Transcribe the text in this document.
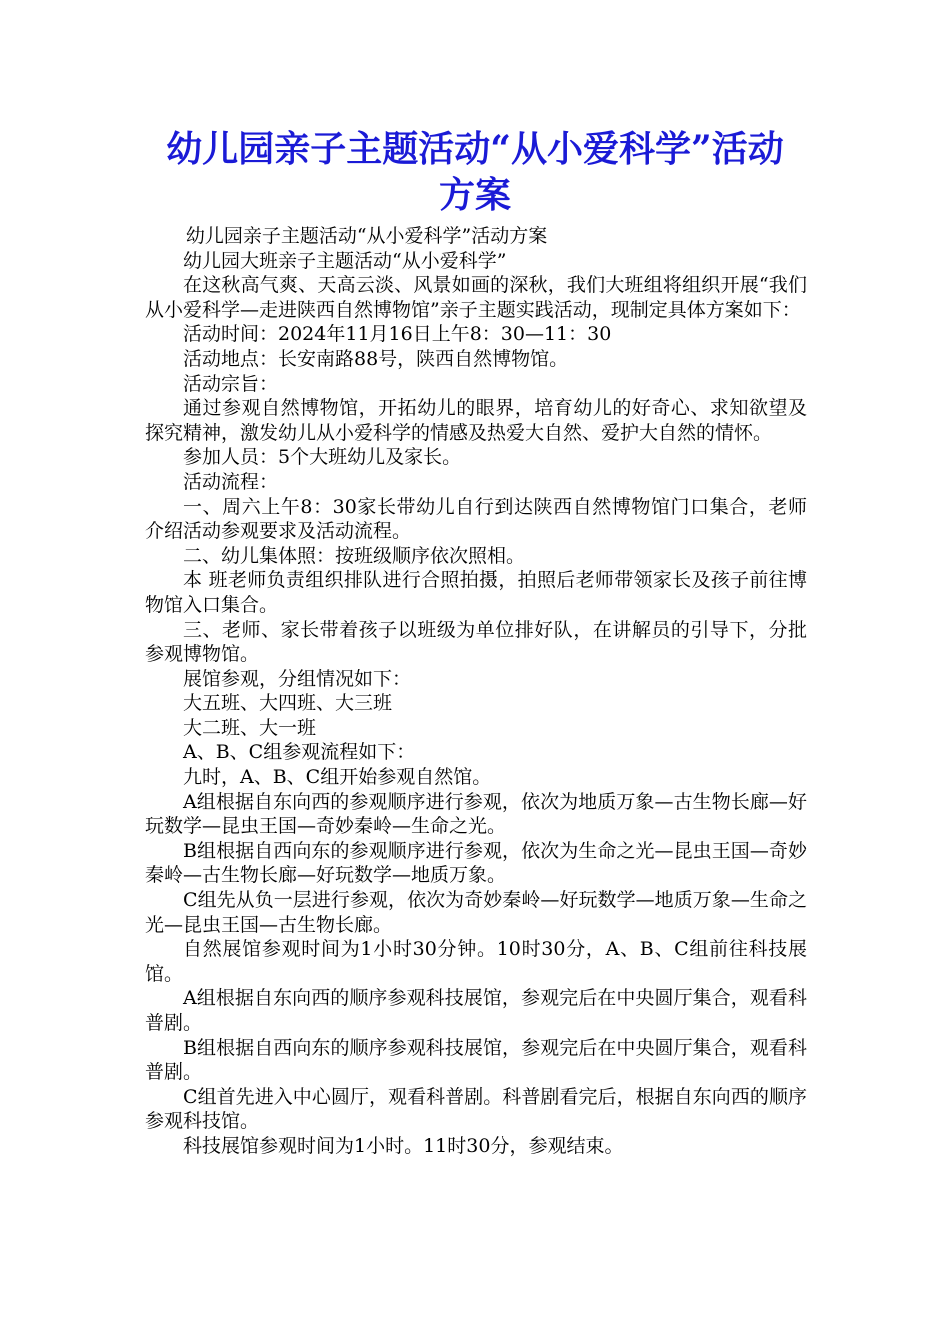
幼儿园亲子主题活动“从小爱科学”活动方案

幼儿园亲子主题活动“从小爱科学”活动方案

幼儿园大班亲子主题活动“从小爱科学”

在这秋高气爽、天高云淡、风景如画的深秋，我们大班组将组织开展“我们从小爱科学—走进陕西自然博物馆”亲子主题实践活动，现制定具体方案如下：

活动时间：2024年11月16日上午8：30—11：30

活动地点：长安南路88号，陕西自然博物馆。

活动宗旨：

通过参观自然博物馆，开拓幼儿的眼界，培育幼儿的好奇心、求知欲望及探究精神，激发幼儿从小爱科学的情感及热爱大自然、爱护大自然的情怀。

参加人员：5个大班幼儿及家长。

活动流程：

一、周六上午8：30家长带幼儿自行到达陕西自然博物馆门口集合，老师介绍活动参观要求及活动流程。

二、幼儿集体照：按班级顺序依次照相。

本 班老师负责组织排队进行合照拍摄，拍照后老师带领家长及孩子前往博物馆入口集合。

三、老师、家长带着孩子以班级为单位排好队，在讲解员的引导下，分批参观博物馆。

展馆参观，分组情况如下：

大五班、大四班、大三班

大二班、大一班

A、B、C组参观流程如下：

九时，A、B、C组开始参观自然馆。

A组根据自东向西的参观顺序进行参观，依次为地质万象—古生物长廊—好玩数学—昆虫王国—奇妙秦岭—生命之光。

B组根据自西向东的参观顺序进行参观，依次为生命之光—昆虫王国—奇妙秦岭—古生物长廊—好玩数学—地质万象。

C组先从负一层进行参观，依次为奇妙秦岭—好玩数学—地质万象—生命之光—昆虫王国—古生物长廊。

自然展馆参观时间为1小时30分钟。10时30分，A、B、C组前往科技展馆。

A组根据自东向西的顺序参观科技展馆，参观完后在中央圆厅集合，观看科普剧。

B组根据自西向东的顺序参观科技展馆，参观完后在中央圆厅集合，观看科普剧。

C组首先进入中心圆厅，观看科普剧。科普剧看完后，根据自东向西的顺序参观科技馆。

科技展馆参观时间为1小时。11时30分，参观结束。
